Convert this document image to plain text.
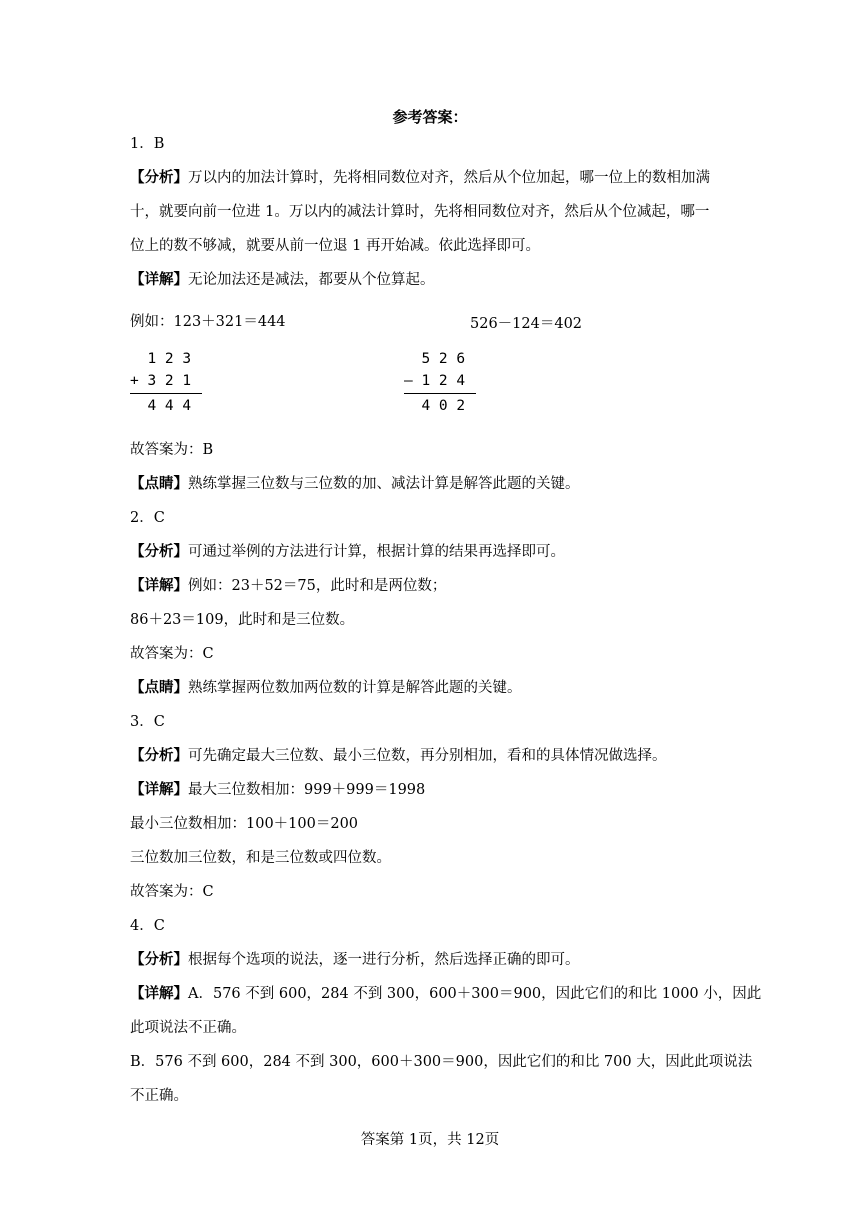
参考答案：
1．B
【分析】万以内的加法计算时，先将相同数位对齐，然后从个位加起，哪一位上的数相加满
十，就要向前一位进 1。万以内的减法计算时，先将相同数位对齐，然后从个位减起，哪一
位上的数不够减，就要从前一位退 1 再开始减。依此选择即可。
【详解】无论加法还是减法，都要从个位算起。
例如：123＋321＝444	526－124＝402
1 2 3
+ 3 2 1
4 4 4
5 2 6
– 1 2 4
4 0 2
故答案为：B
【点睛】熟练掌握三位数与三位数的加、减法计算是解答此题的关键。
2．C
【分析】可通过举例的方法进行计算，根据计算的结果再选择即可。
【详解】例如：23＋52＝75，此时和是两位数；
86＋23＝109，此时和是三位数。
故答案为：C
【点睛】熟练掌握两位数加两位数的计算是解答此题的关键。
3．C
【分析】可先确定最大三位数、最小三位数，再分别相加，看和的具体情况做选择。
【详解】最大三位数相加：999＋999＝1998
最小三位数相加：100＋100＝200
三位数加三位数，和是三位数或四位数。
故答案为：C
4．C
【分析】根据每个选项的说法，逐一进行分析，然后选择正确的即可。
【详解】A．576 不到 600，284 不到 300，600＋300＝900，因此它们的和比 1000 小，因此
此项说法不正确。
B．576 不到 600，284 不到 300，600＋300＝900，因此它们的和比 700 大，因此此项说法
不正确。
答案第 1页，共 12页
